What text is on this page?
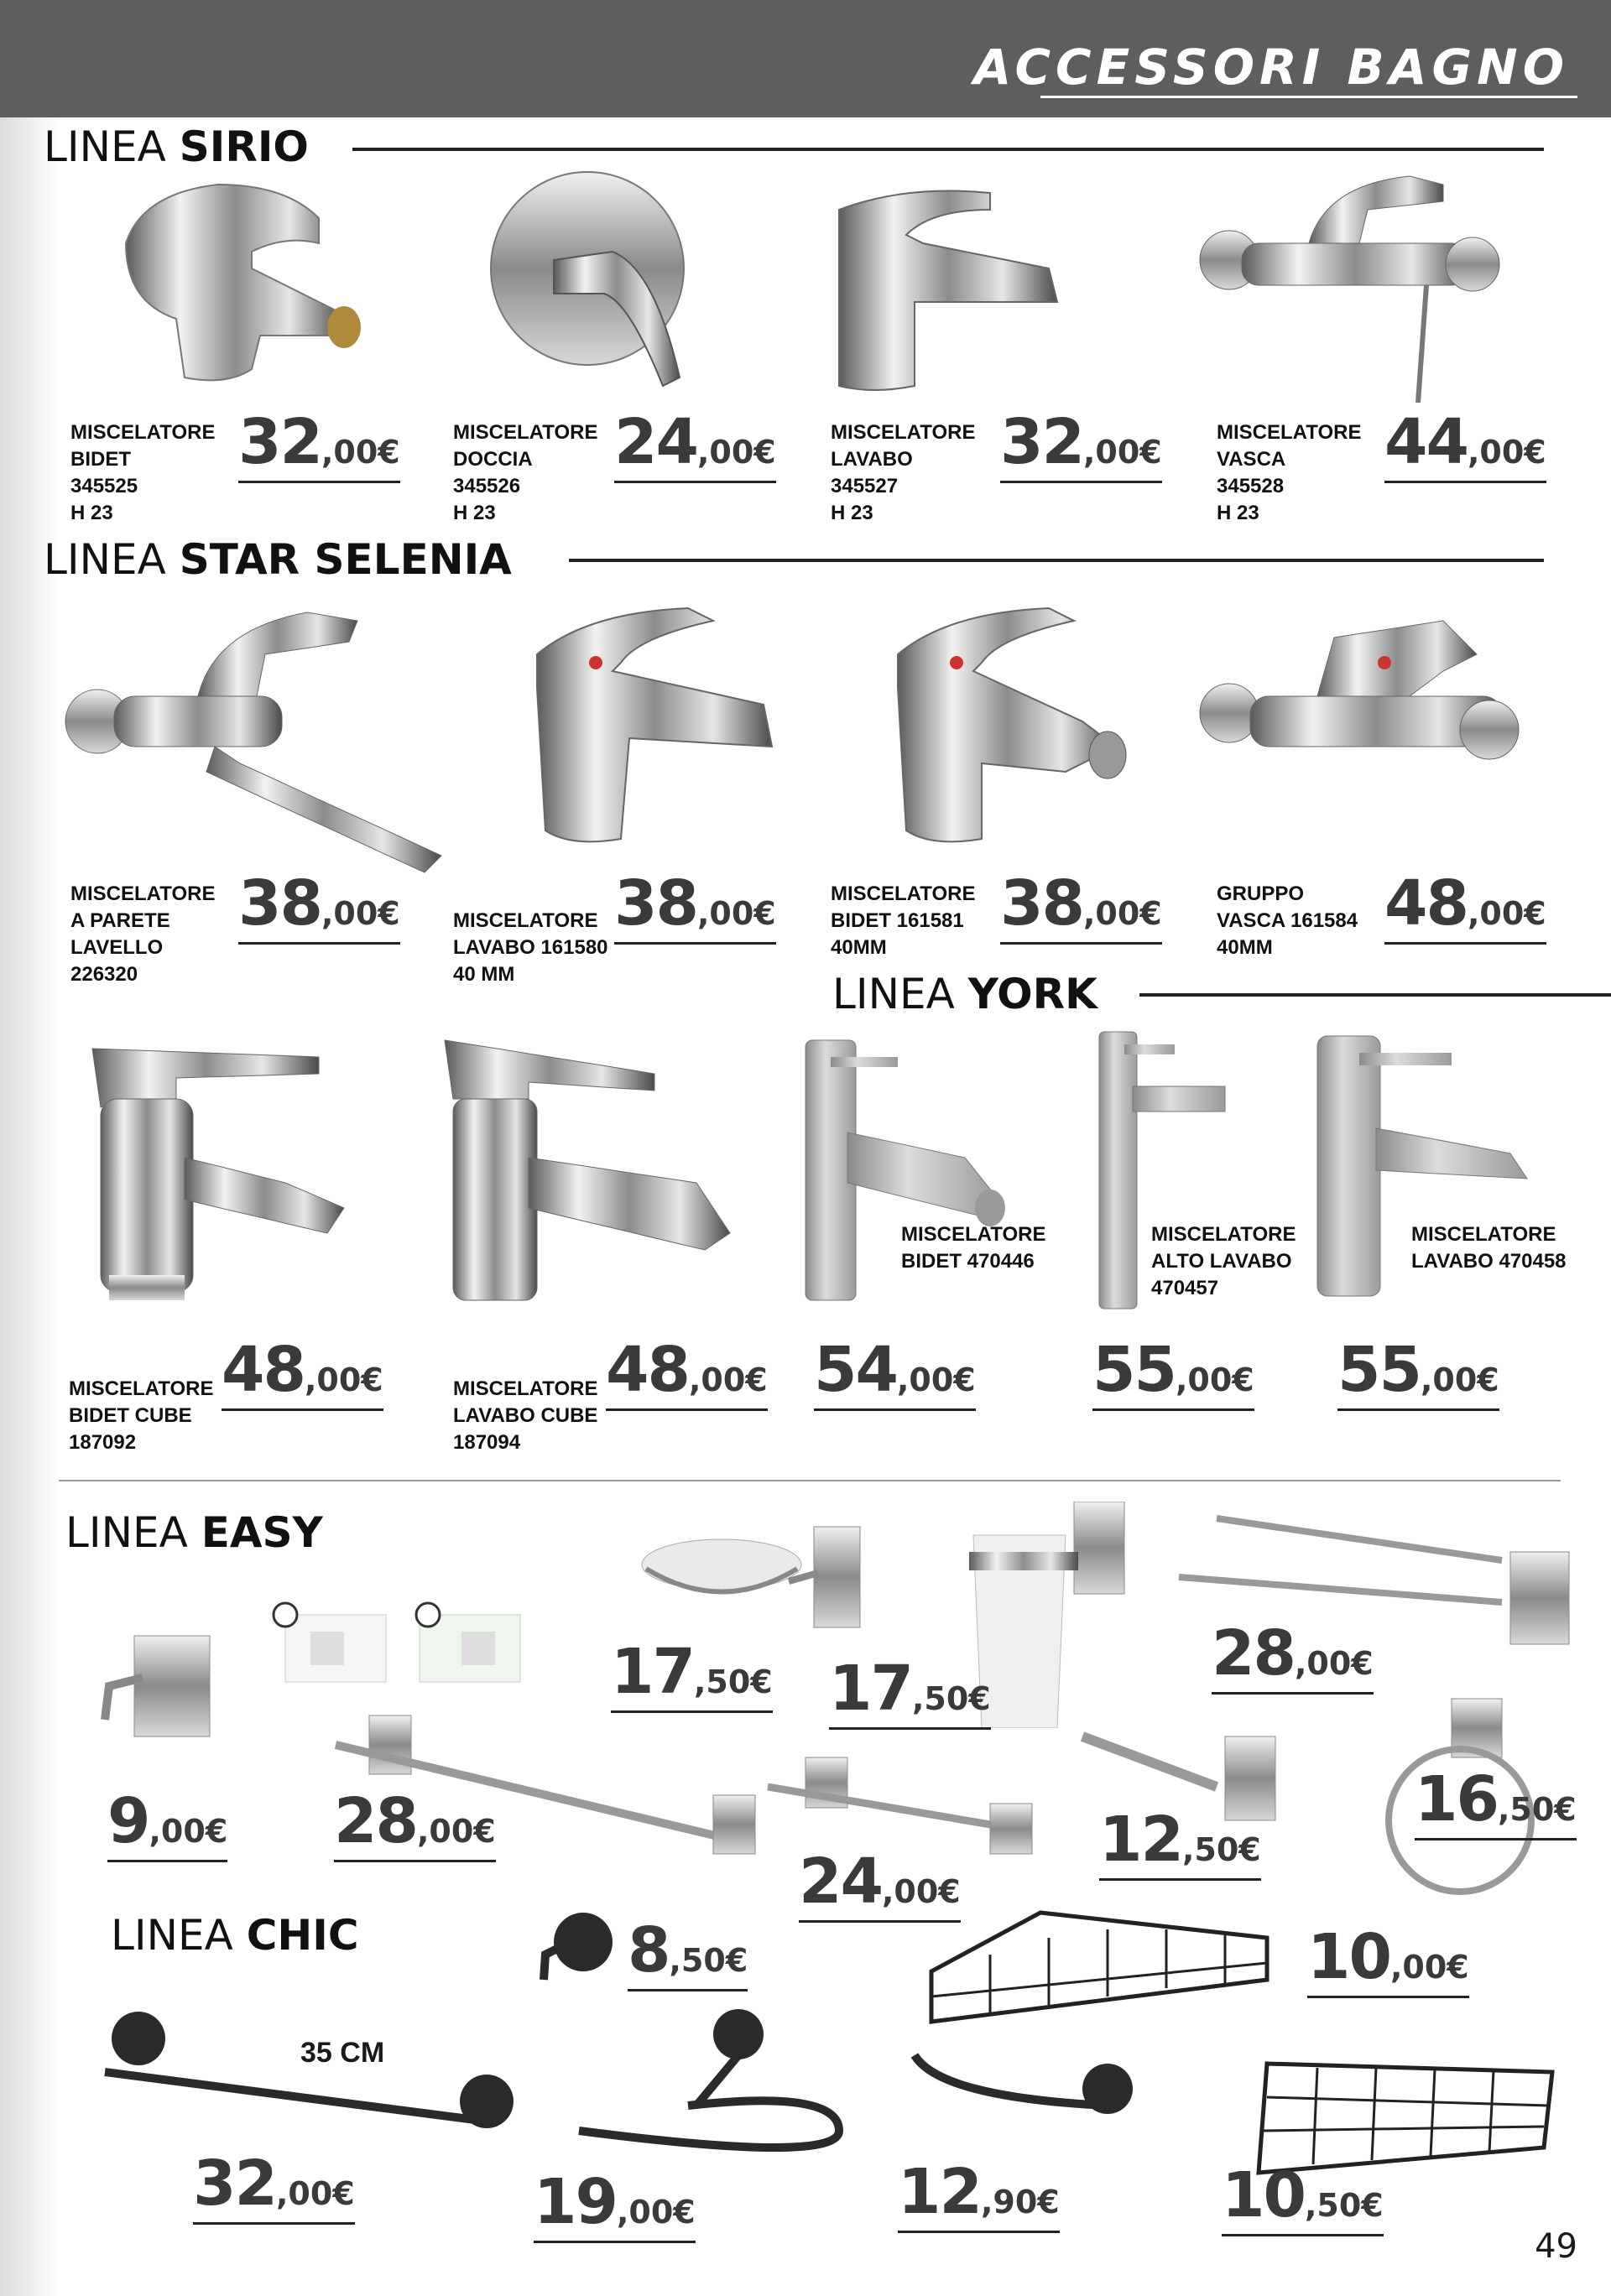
ACCESSORI BAGNO
LINEA SIRIO
MISCELATORE
BIDET
345525
H 23
32,00€
MISCELATORE
DOCCIA
345526
H 23
24,00€
MISCELATORE
LAVABO
345527
H 23
32,00€
MISCELATORE
VASCA
345528
H 23
44,00€
LINEA STAR SELENIA
MISCELATORE
A PARETE
LAVELLO
226320
38,00€	MISCELATORE
LAVABO 161580
40 MM
38,00€
MISCELATORE
BIDET 161581
40MM
38,00€
GRUPPO
VASCA 161584
40MM
48,00€
LINEA YORK
MISCELATORE
BIDET 470446
MISCELATORE
ALTO LAVABO
470457
MISCELATORE
LAVABO 470458
MISCELATORE
BIDET CUBE
187092
48,00€	MISCELATORE
LAVABO CUBE
187094
48,00€ 54,00€ 55,00€ 55,00€
LINEA EASY
17,50€ 17,50€
28,00€
9,00€ 28,00€
24,00€
12,50€
16,50€
LINEA CHIC
35 CM
8,50€	10,00€
32,00€	19,00€	12,90€	10,50€
49
